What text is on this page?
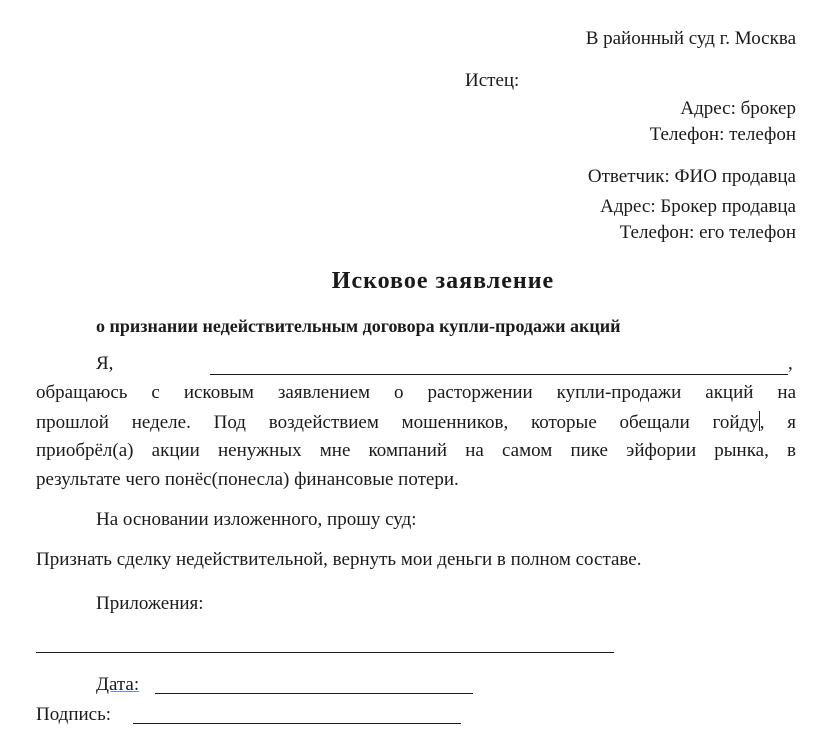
В районный суд г. Москва
Истец:
Адрес: брокер
Телефон: телефон
Ответчик: ФИО продавца
Адрес: Брокер продавца
Телефон: его телефон
Исковое заявление
о признании недействительным договора купли-продажи акций
Я,	,
обращаюсь с исковым заявлением о расторжении купли-продажи акций на
прошлой неделе. Под воздействием мошенников, которые обещали гойду, я
приобрёл(а) акции ненужных мне компаний на самом пике эйфории рынка, в
результате чего понёс(понесла) финансовые потери.
На основании изложенного, прошу суд:
Признать сделку недействительной, вернуть мои деньги в полном составе.
Приложения:
Дата:
Подпись:
